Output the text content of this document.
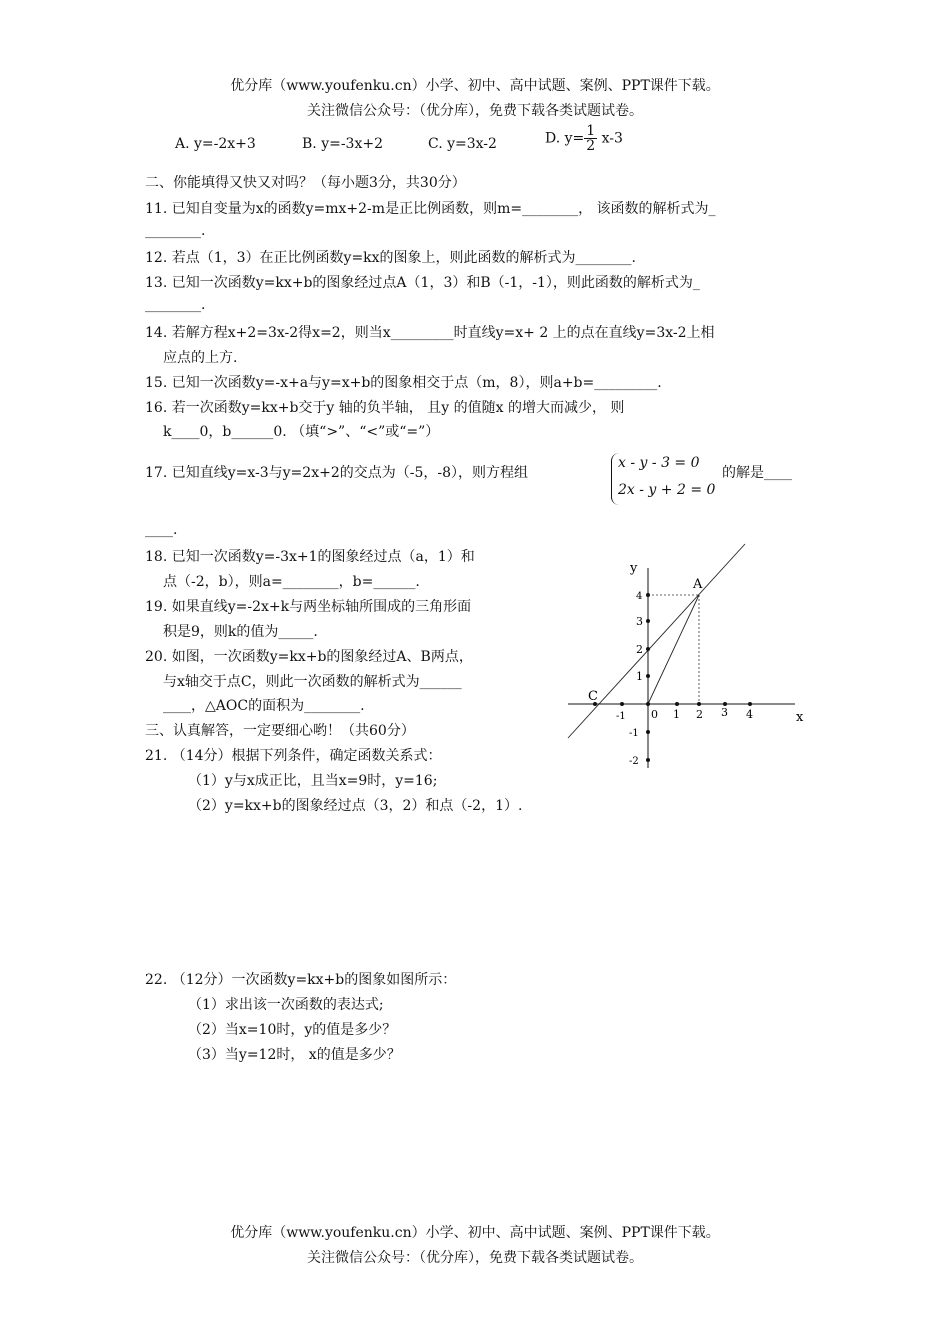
优分库（www.youfenku.cn）小学、初中、高中试题、案例、PPT课件下载。
关注微信公众号：（优分库），免费下载各类试题试卷。
A. y=-2x+3	B. y=-3x+2	C. y=3x-2	D. $y= \frac{1}{2} x-3$
二、你能填得又快又对吗？（每小题3分，共30分）
11. 已知自变量为x的函数y=mx+2-m是正比例函数，则m=________， 该函数的解析式为_
________.
12. 若点（1，3）在正比例函数y=kx的图象上，则此函数的解析式为________.
13. 已知一次函数y=kx+b的图象经过点A（1，3）和B（-1，-1），则此函数的解析式为_
________.
14. 若解方程x+2=3x-2得x=2，则当x_________时直线y=x+ 2 上的点在直线y=3x-2上相
应点的上方.
15. 已知一次函数y=-x+a与y=x+b的图象相交于点（m，8），则a+b=_________.
16. 若一次函数y=kx+b交于y 轴的负半轴， 且y 的值随x 的增大而减少， 则
k____0，b______0. （填“>”、“<”或“=”）
17. 已知直线y=x-3与y=2x+2的交点为（-5，-8），则方程组
x - y - 3 = 0
2x - y + 2 = 0
的解是____
____.
18. 已知一次函数y=-3x+1的图象经过点（a，1）和
点（-2，b），则a=________，b=______.
19. 如果直线y=-2x+k与两坐标轴所围成的三角形面
积是9，则k的值为_____.
20. 如图，一次函数y=kx+b的图象经过A、B两点，
与x轴交于点C，则此一次函数的解析式为______
____，△AOC的面积为________.
三、认真解答，一定要细心哟！（共60分）
21. （14分）根据下列条件，确定函数关系式：
（1）y与x成正比，且当x=9时，y=16;
（2）y=kx+b的图象经过点（3，2）和点（-2，1）.
22. （12分）一次函数y=kx+b的图象如图所示：
（1）求出该一次函数的表达式;
（2）当x=10时，y的值是多少？
（3）当y=12时， x的值是多少？
y
x
A
C
0
-1	1 2 3 4
4
3
2
1
-1
-2
优分库（www.youfenku.cn）小学、初中、高中试题、案例、PPT课件下载。
关注微信公众号：（优分库），免费下载各类试题试卷。
